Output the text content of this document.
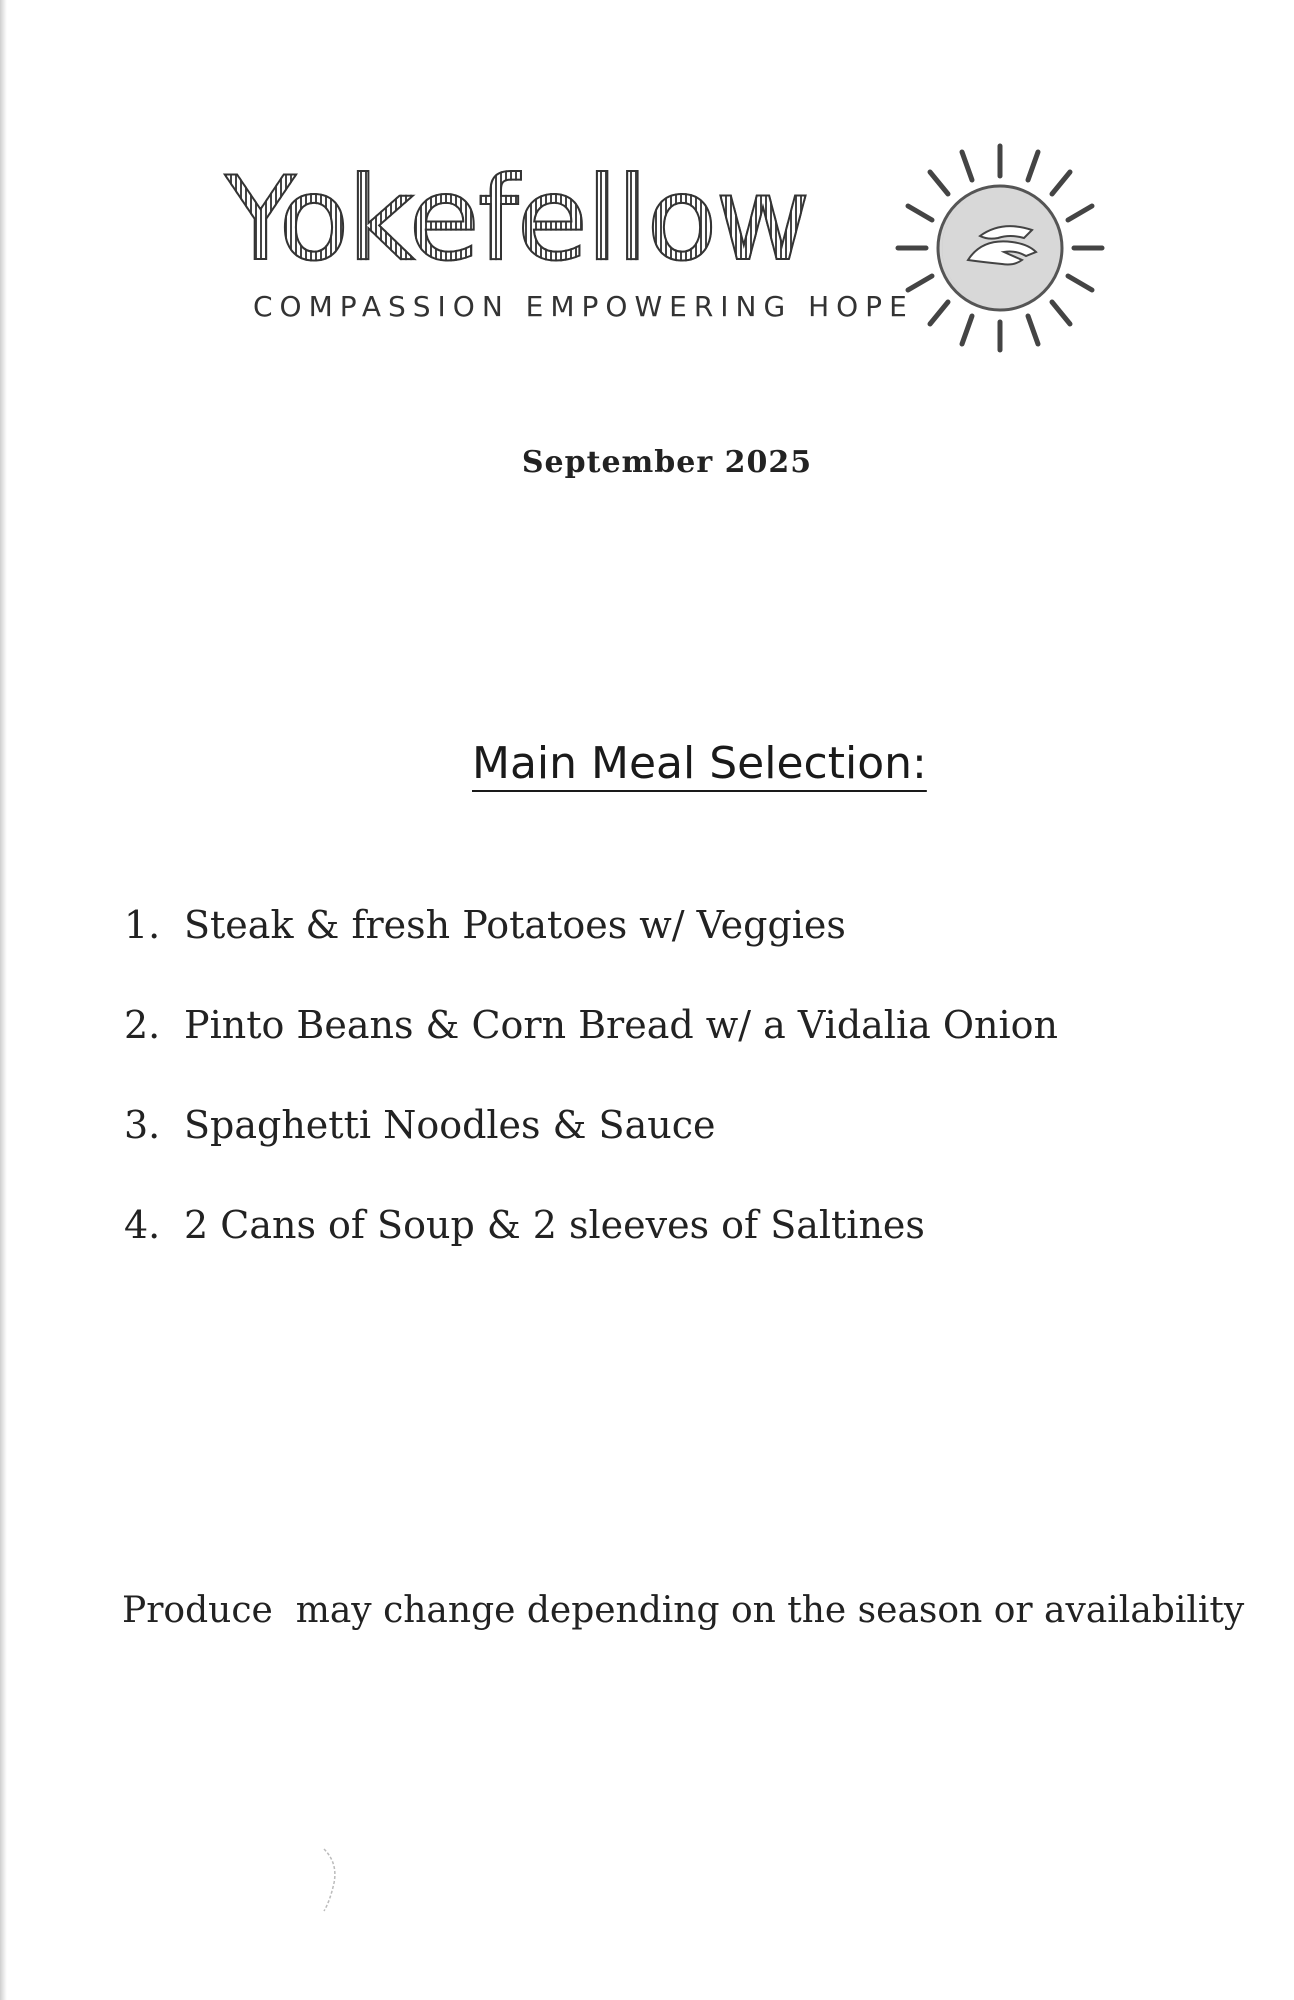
Yokefellow
COMPASSION EMPOWERING HOPE
September 2025
Main Meal Selection:
1. Steak & fresh Potatoes w/ Veggies
2. Pinto Beans & Corn Bread w/ a Vidalia Onion
3. Spaghetti Noodles & Sauce
4. 2 Cans of Soup & 2 sleeves of Saltines
Produce  may change depending on the season or availability
